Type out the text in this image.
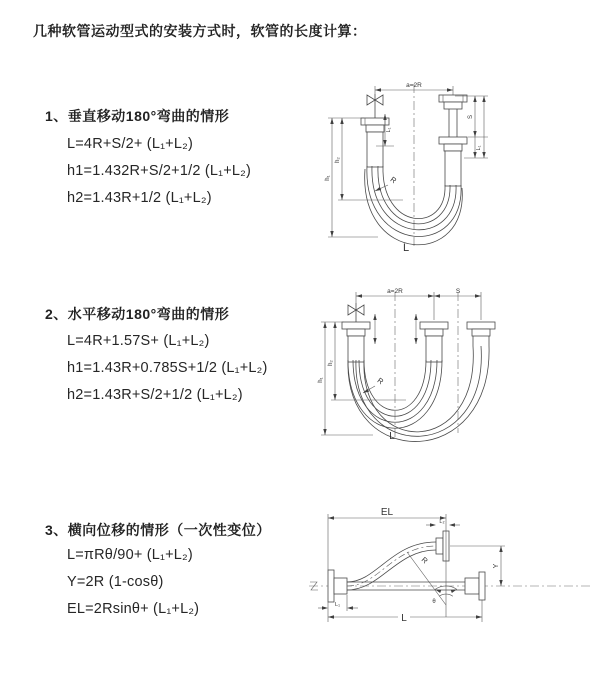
几种软管运动型式的安装方式时，软管的长度计算：
1、垂直移动180°弯曲的情形
L=4R+S/2+ (L₁+L₂)
h1=1.432R+S/2+1/2 (L₁+L₂)
h2=1.43R+1/2 (L₁+L₂)
2、水平移动180°弯曲的情形
L=4R+1.57S+ (L₁+L₂)
h1=1.43R+0.785S+1/2 (L₁+L₂)
h2=1.43R+S/2+1/2 (L₁+L₂)
3、横向位移的情形（一次性变位）
L=πRθ/90+ (L₁+L₂)
Y=2R (1-cosθ)
EL=2Rsinθ+ (L₁+L₂)
a=2R
h₁
h₂
L₁
S
L₁
R
L
a=2R	S
h₁
h₂
R
L
EL
L₂
Y
θ
R
L
L₁
